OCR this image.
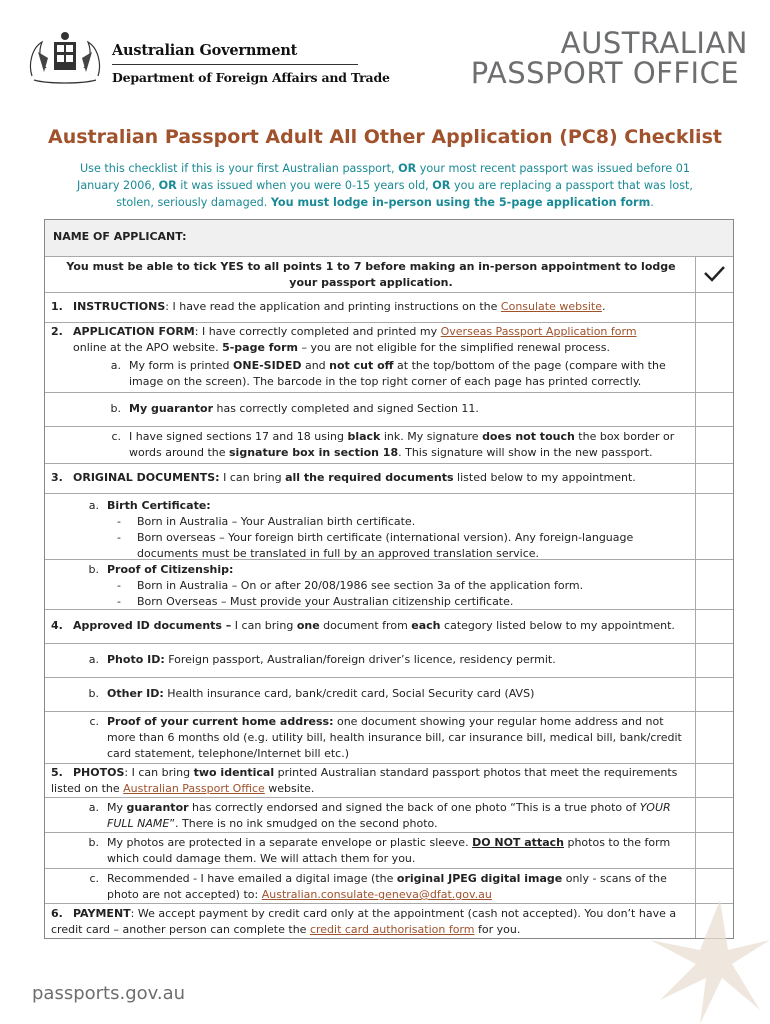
Australian Government
Department of Foreign Affairs and Trade
AUSTRALIAN
PASSPORT OFFICE
Australian Passport Adult All Other Application (PC8) Checklist
Use this checklist if this is your first Australian passport, OR your most recent passport was issued before 01 January 2006, OR it was issued when you were 0-15 years old, OR you are replacing a passport that was lost, stolen, seriously damaged. You must lodge in-person using the 5-page application form.
NAME OF APPLICANT:
You must be able to tick YES to all points 1 to 7 before making an in-person appointment to lodge your passport application.
1. INSTRUCTIONS: I have read the application and printing instructions on the Consulate website.
2. APPLICATION FORM: I have correctly completed and printed my Overseas Passport Application form
online at the APO website. 5-page form – you are not eligible for the simplified renewal process.
a. My form is printed ONE-SIDED and not cut off at the top/bottom of the page (compare with the image on the screen). The barcode in the top right corner of each page has printed correctly.
b. My guarantor has correctly completed and signed Section 11.
c. I have signed sections 17 and 18 using black ink. My signature does not touch the box border or words around the signature box in section 18. This signature will show in the new passport.
3. ORIGINAL DOCUMENTS: I can bring all the required documents listed below to my appointment.
a. Birth Certificate:
-	Born in Australia – Your Australian birth certificate.
-	Born overseas – Your foreign birth certificate (international version). Any foreign-language documents must be translated in full by an approved translation service.
b. Proof of Citizenship:
-	Born in Australia – On or after 20/08/1986 see section 3a of the application form.
-	Born Overseas – Must provide your Australian citizenship certificate.
4. Approved ID documents – I can bring one document from each category listed below to my appointment.
a. Photo ID: Foreign passport, Australian/foreign driver’s licence, residency permit.
b. Other ID: Health insurance card, bank/credit card, Social Security card (AVS)
c. Proof of your current home address: one document showing your regular home address and not more than 6 months old (e.g. utility bill, health insurance bill, car insurance bill, medical bill, bank/credit card statement, telephone/Internet bill etc.)
5. PHOTOS: I can bring two identical printed Australian standard passport photos that meet the requirements listed on the Australian Passport Office website.
a. My guarantor has correctly endorsed and signed the back of one photo “This is a true photo of YOUR FULL NAME”. There is no ink smudged on the second photo.
b. My photos are protected in a separate envelope or plastic sleeve. DO NOT attach photos to the form which could damage them. We will attach them for you.
c. Recommended - I have emailed a digital image (the original JPEG digital image only - scans of the photo are not accepted) to: Australian.consulate-geneva@dfat.gov.au
6. PAYMENT: We accept payment by credit card only at the appointment (cash not accepted). You don’t have a credit card – another person can complete the credit card authorisation form for you.
passports.gov.au
